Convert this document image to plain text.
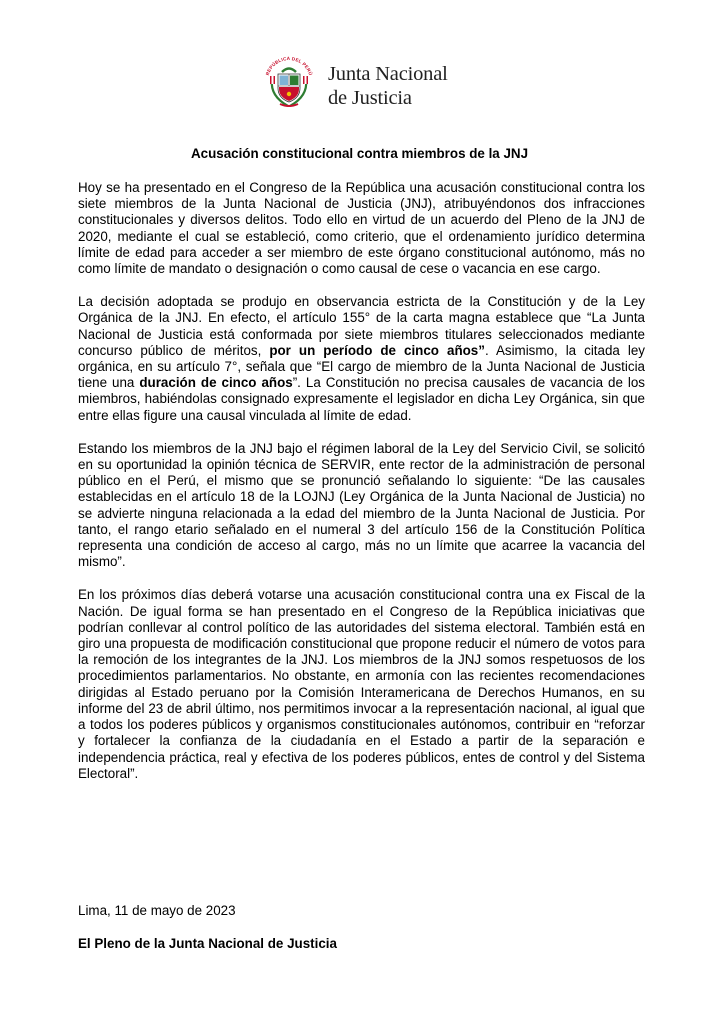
REPÚBLICA DEL PERÚ Junta Nacional
de Justicia
Acusación constitucional contra miembros de la JNJ

Hoy se ha presentado en el Congreso de la República una acusación constitucional contra los siete miembros de la Junta Nacional de Justicia (JNJ), atribuyéndonos dos infracciones constitucionales y diversos delitos. Todo ello en virtud de un acuerdo del Pleno de la JNJ de 2020, mediante el cual se estableció, como criterio, que el ordenamiento jurídico determina límite de edad para acceder a ser miembro de este órgano constitucional autónomo, más no como límite de mandato o designación o como causal de cese o vacancia en ese cargo.

La decisión adoptada se produjo en observancia estricta de la Constitución y de la Ley Orgánica de la JNJ. En efecto, el artículo 155° de la carta magna establece que “La Junta Nacional de Justicia está conformada por siete miembros titulares seleccionados mediante concurso público de méritos, por un período de cinco años”. Asimismo, la citada ley orgánica, en su artículo 7°, señala que “El cargo de miembro de la Junta Nacional de Justicia tiene una duración de cinco años”. La Constitución no precisa causales de vacancia de los miembros, habiéndolas consignado expresamente el legislador en dicha Ley Orgánica, sin que entre ellas figure una causal vinculada al límite de edad.

Estando los miembros de la JNJ bajo el régimen laboral de la Ley del Servicio Civil, se solicitó en su oportunidad la opinión técnica de SERVIR, ente rector de la administración de personal público en el Perú, el mismo que se pronunció señalando lo siguiente: “De las causales establecidas en el artículo 18 de la LOJNJ (Ley Orgánica de la Junta Nacional de Justicia) no se advierte ninguna relacionada a la edad del miembro de la Junta Nacional de Justicia. Por tanto, el rango etario señalado en el numeral 3 del artículo 156 de la Constitución Política representa una condición de acceso al cargo, más no un límite que acarree la vacancia del mismo”.

En los próximos días deberá votarse una acusación constitucional contra una ex Fiscal de la Nación. De igual forma se han presentado en el Congreso de la República iniciativas que podrían conllevar al control político de las autoridades del sistema electoral. También está en giro una propuesta de modificación constitucional que propone reducir el número de votos para la remoción de los integrantes de la JNJ. Los miembros de la JNJ somos respetuosos de los procedimientos parlamentarios. No obstante, en armonía con las recientes recomendaciones dirigidas al Estado peruano por la Comisión Interamericana de Derechos Humanos, en su informe del 23 de abril último, nos permitimos invocar a la representación nacional, al igual que a todos los poderes públicos y organismos constitucionales autónomos, contribuir en “reforzar y fortalecer la confianza de la ciudadanía en el Estado a partir de la separación e independencia práctica, real y efectiva de los poderes públicos, entes de control y del Sistema Electoral”.

Lima, 11 de mayo de 2023
El Pleno de la Junta Nacional de Justicia
